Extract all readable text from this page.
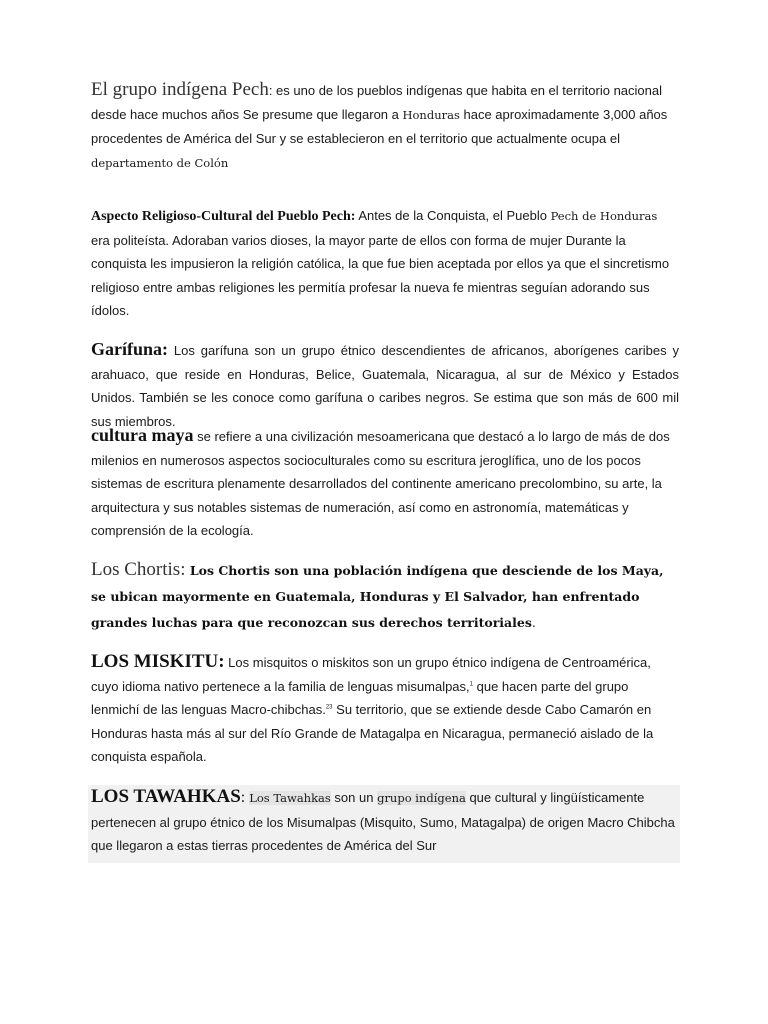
El grupo indígena Pech: es uno de los pueblos indígenas que habita en el territorio nacional desde hace muchos años Se presume que llegaron a Honduras hace aproximadamente 3,000 años procedentes de América del Sur y se establecieron en el territorio que actualmente ocupa el departamento de Colón

Aspecto Religioso-Cultural del Pueblo Pech: Antes de la Conquista, el Pueblo Pech de Honduras era politeísta. Adoraban varios dioses, la mayor parte de ellos con forma de mujer Durante la conquista les impusieron la religión católica, la que fue bien aceptada por ellos ya que el sincretismo religioso entre ambas religiones les permitía profesar la nueva fe mientras seguían adorando sus ídolos.

Garífuna: Los garífuna son un grupo étnico descendientes de africanos, aborígenes caribes y arahuaco, que reside en Honduras, Belice, Guatemala, Nicaragua, al sur de México y Estados Unidos. También se les conoce como garífuna o caribes negros. Se estima que son más de 600 mil sus miembros.

cultura maya se refiere a una civilización mesoamericana que destacó a lo largo de más de dos milenios en numerosos aspectos socioculturales como su escritura jeroglífica, uno de los pocos sistemas de escritura plenamente desarrollados del continente americano precolombino, su arte, la arquitectura y sus notables sistemas de numeración, así como en astronomía, matemáticas y comprensión de la ecología.

Los Chortis: Los Chortis son una población indígena que desciende de los Maya, se ubican mayormente en Guatemala, Honduras y El Salvador, han enfrentado grandes luchas para que reconozcan sus derechos territoriales.

LOS MISKITU: Los misquitos o miskitos son un grupo étnico indígena de Centroamérica, cuyo idioma nativo pertenece a la familia de lenguas misumalpas,$^1$ que hacen parte del grupo lenmichí de las lenguas Macro-chibchas.$^{23}$ Su territorio, que se extiende desde Cabo Camarón en Honduras hasta más al sur del Río Grande de Matagalpa en Nicaragua, permaneció aislado de la conquista española.

LOS TAWAHKAS: Los Tawahkas son un grupo indígena que cultural y lingüísticamente pertenecen al grupo étnico de los Misumalpas (Misquito, Sumo, Matagalpa) de origen Macro Chibcha que llegaron a estas tierras procedentes de América del Sur
